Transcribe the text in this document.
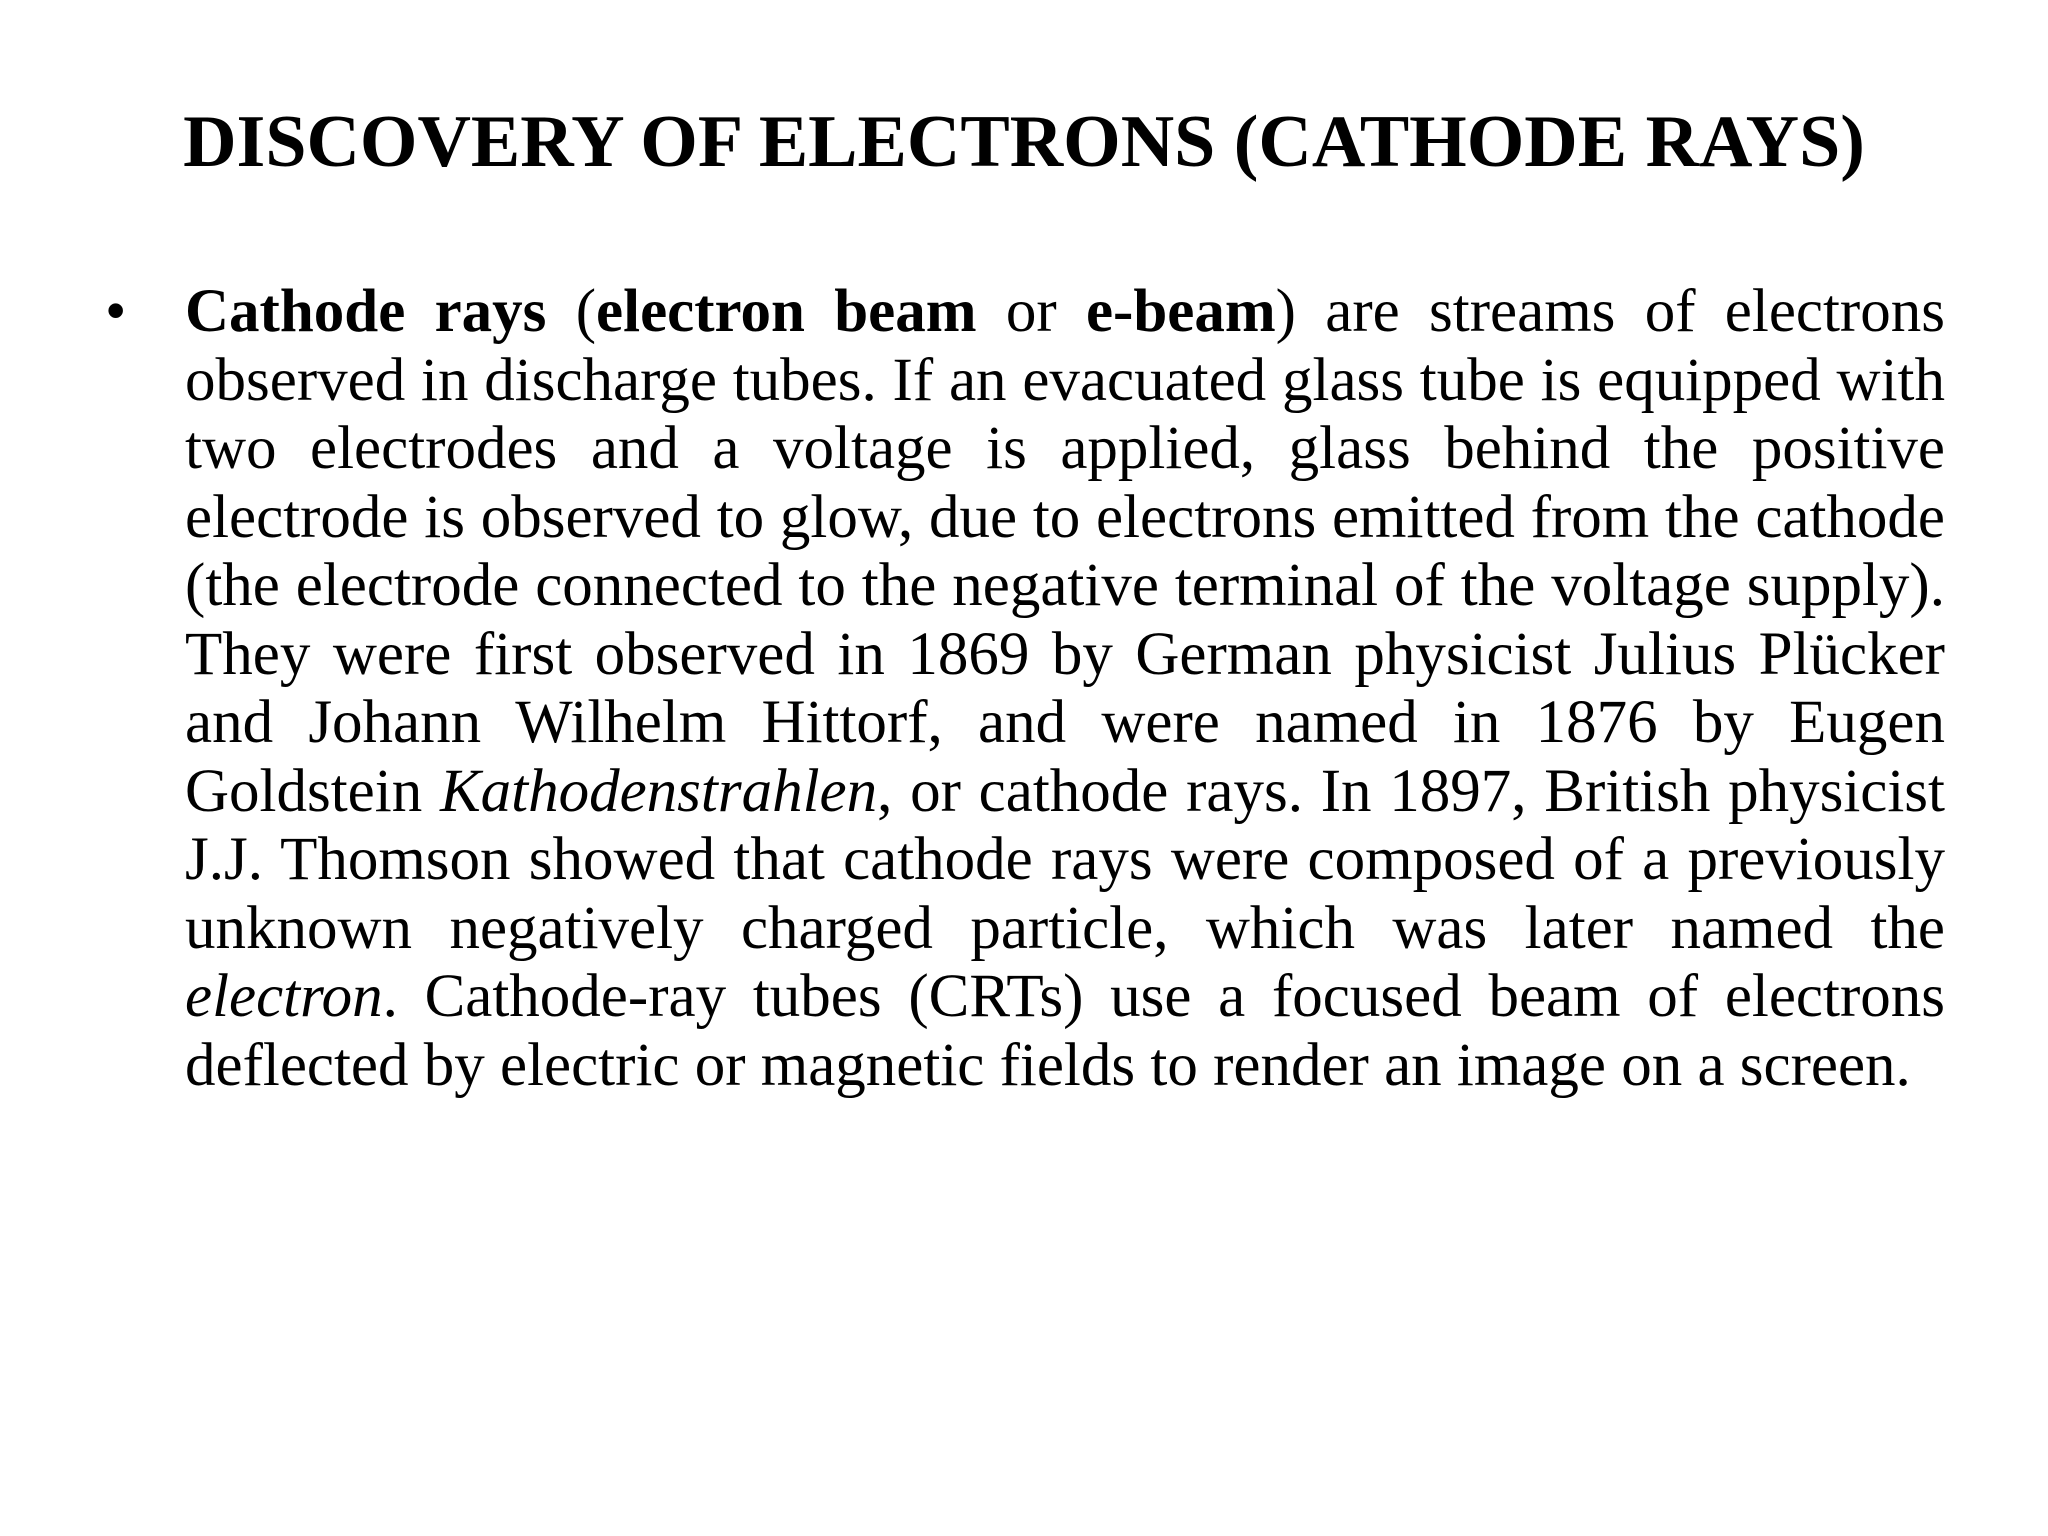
DISCOVERY OF ELECTRONS (CATHODE RAYS)
• Cathode rays (electron beam or e-beam) are streams of electrons observed in discharge tubes. If an evacuated glass tube is equipped with two electrodes and a voltage is applied, glass behind the positive electrode is observed to glow, due to electrons emitted from the cathode (the electrode connected to the negative terminal of the voltage supply). They were first observed in 1869 by German physicist Julius Plücker and Johann Wilhelm Hittorf, and were named in 1876 by Eugen Goldstein Kathodenstrahlen, or cathode rays. In 1897, British physicist J.J. Thomson showed that cathode rays were composed of a previously unknown negatively charged particle, which was later named the electron. Cathode-ray tubes (CRTs) use a focused beam of electrons deflected by electric or magnetic fields to render an image on a screen.
